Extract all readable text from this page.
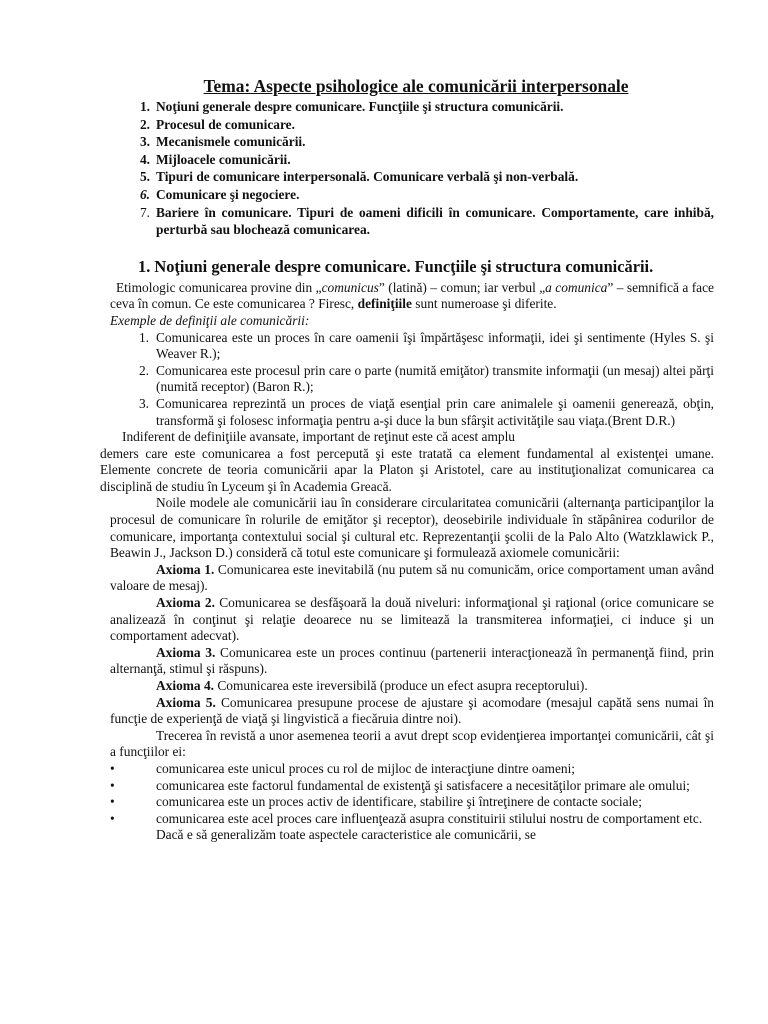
Tema: Aspecte psihologice ale comunicării interpersonale
1. Noţiuni generale despre comunicare. Funcţiile şi structura comunicării.
2. Procesul de comunicare.
3. Mecanismele comunicării.
4. Mijloacele comunicării.
5. Tipuri de comunicare interpersonală. Comunicare verbală şi non-verbală.
6. Comunicare şi negociere.
7. Bariere în comunicare. Tipuri de oameni dificili în comunicare. Comportamente, care inhibă, perturbă sau blochează comunicarea.
1. Noţiuni generale despre comunicare. Funcţiile şi structura comunicării.

Etimologic comunicarea provine din „comunicus” (latină) – comun; iar verbul „a comunica” – semnifică a face ceva în comun. Ce este comunicarea ? Firesc, definiţiile sunt numeroase şi diferite.

Exemple de definiţii ale comunicării:

1. Comunicarea este un proces în care oamenii îşi împărtăşesc informaţii, idei şi sentimente (Hyles S. şi Weaver R.);
2. Comunicarea este procesul prin care o parte (numită emiţător) transmite informaţii (un mesaj) altei părţi (numită receptor) (Baron R.);
3. Comunicarea reprezintă un proces de viaţă esenţial prin care animalele şi oamenii generează, obţin, transformă şi folosesc informaţia pentru a-şi duce la bun sfârşit activităţile sau viaţa.(Brent D.R.)

Indiferent de definiţiile avansate, important de reţinut este că acest amplu

demers care este comunicarea a fost percepută şi este tratată ca element fundamental al existenţei umane. Elemente concrete de teoria comunicării apar la Platon şi Aristotel, care au instituţionalizat comunicarea ca disciplină de studiu în Lyceum şi în Academia Greacă.

Noile modele ale comunicării iau în considerare circularitatea comunicării (alternanţa participanţilor la procesul de comunicare în rolurile de emiţător şi receptor), deosebirile individuale în stăpânirea codurilor de comunicare, importanţa contextului social şi cultural etc. Reprezentanţii şcolii de la Palo Alto (Watzklawick P., Beawin J., Jackson D.) consideră că totul este comunicare şi formulează axiomele comunicării:

Axioma 1. Comunicarea este inevitabilă (nu putem să nu comunicăm, orice comportament uman având valoare de mesaj).

Axioma 2. Comunicarea se desfăşoară la două niveluri: informaţional şi raţional (orice comunicare se analizează în conţinut şi relaţie deoarece nu se limitează la transmiterea informaţiei, ci induce şi un comportament adecvat).

Axioma 3. Comunicarea este un proces continuu (partenerii interacţionează în permanenţă fiind, prin alternanţă, stimul şi răspuns).

Axioma 4. Comunicarea este ireversibilă (produce un efect asupra receptorului).

Axioma 5. Comunicarea presupune procese de ajustare şi acomodare (mesajul capătă sens numai în funcţie de experienţă de viaţă şi lingvistică a fiecăruia dintre noi).

Trecerea în revistă a unor asemenea teorii a avut drept scop evidenţierea importanţei comunicării, cât şi a funcţiilor ei:

•	comunicarea este unicul proces cu rol de mijloc de interacţiune dintre oameni;
•	comunicarea este factorul fundamental de existenţă şi satisfacere a necesităţilor primare ale omului;
•	comunicarea este un proces activ de identificare, stabilire şi întreţinere de contacte sociale;
•	comunicarea este acel proces care influenţează asupra constituirii stilului nostru de comportament etc.

Dacă e să generalizăm toate aspectele caracteristice ale comunicării, se
